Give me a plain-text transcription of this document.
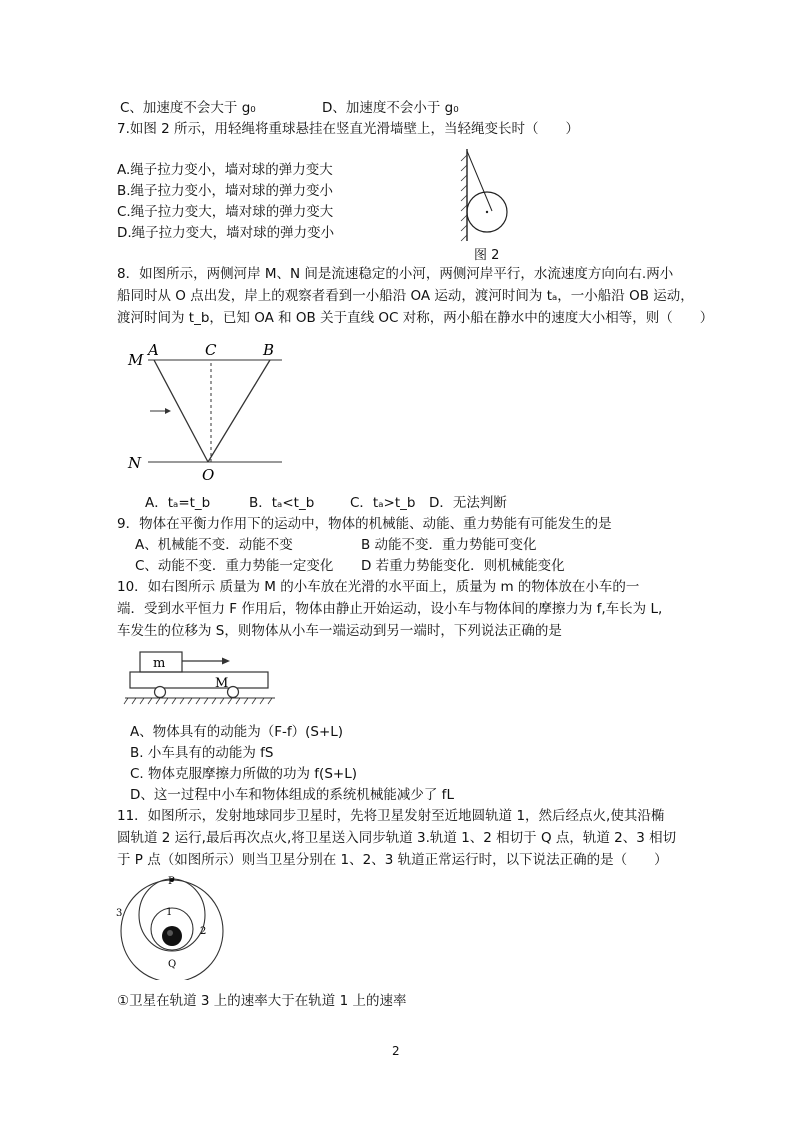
C、加速度不会大于 g₀	D、加速度不会小于 g₀
7.如图 2 所示，用轻绳将重球悬挂在竖直光滑墙壁上，当轻绳变长时（　　）
A.绳子拉力变小，墙对球的弹力变大
B.绳子拉力变小，墙对球的弹力变小
C.绳子拉力变大，墙对球的弹力变大
D.绳子拉力变大，墙对球的弹力变小
图 2
8．如图所示，两侧河岸 M、N 间是流速稳定的小河，两侧河岸平行，水流速度方向向右.两小
船同时从 O 点出发，岸上的观察者看到一小船沿 OA 运动，渡河时间为 tₐ，一小船沿 OB 运动，
渡河时间为 t_b，已知 OA 和 OB 关于直线 OC 对称，两小船在静水中的速度大小相等，则（　　）
M
N
A	C	B
O
A．tₐ=t_b	B．tₐ<t_b	C．tₐ>t_b D．无法判断
9．物体在平衡力作用下的运动中，物体的机械能、动能、重力势能有可能发生的是
A、机械能不变．动能不变	B 动能不变．重力势能可变化
C、动能不变．重力势能一定变化 D 若重力势能变化．则机械能变化
10．如右图所示 质量为 M 的小车放在光滑的水平面上，质量为 m 的物体放在小车的一
端．受到水平恒力 F 作用后，物体由静止开始运动，设小车与物体间的摩擦力为 f,车长为 L,
车发生的位移为 S，则物体从小车一端运动到另一端时，下列说法正确的是
m
M
A、物体具有的动能为（F-f）(S+L)
B. 小车具有的动能为 fS
C. 物体克服摩擦力所做的功为 f(S+L)
D、这一过程中小车和物体组成的系统机械能减少了 fL
11．如图所示，发射地球同步卫星时，先将卫星发射至近地圆轨道 1，然后经点火,使其沿椭
圆轨道 2 运行,最后再次点火,将卫星送入同步轨道 3.轨道 1、2 相切于 Q 点，轨道 2、3 相切
于 P 点（如图所示）则当卫星分别在 1、2、3 轨道正常运行时，以下说法正确的是（　　）
P
Q
1
2
3
①卫星在轨道 3 上的速率大于在轨道 1 上的速率
2
